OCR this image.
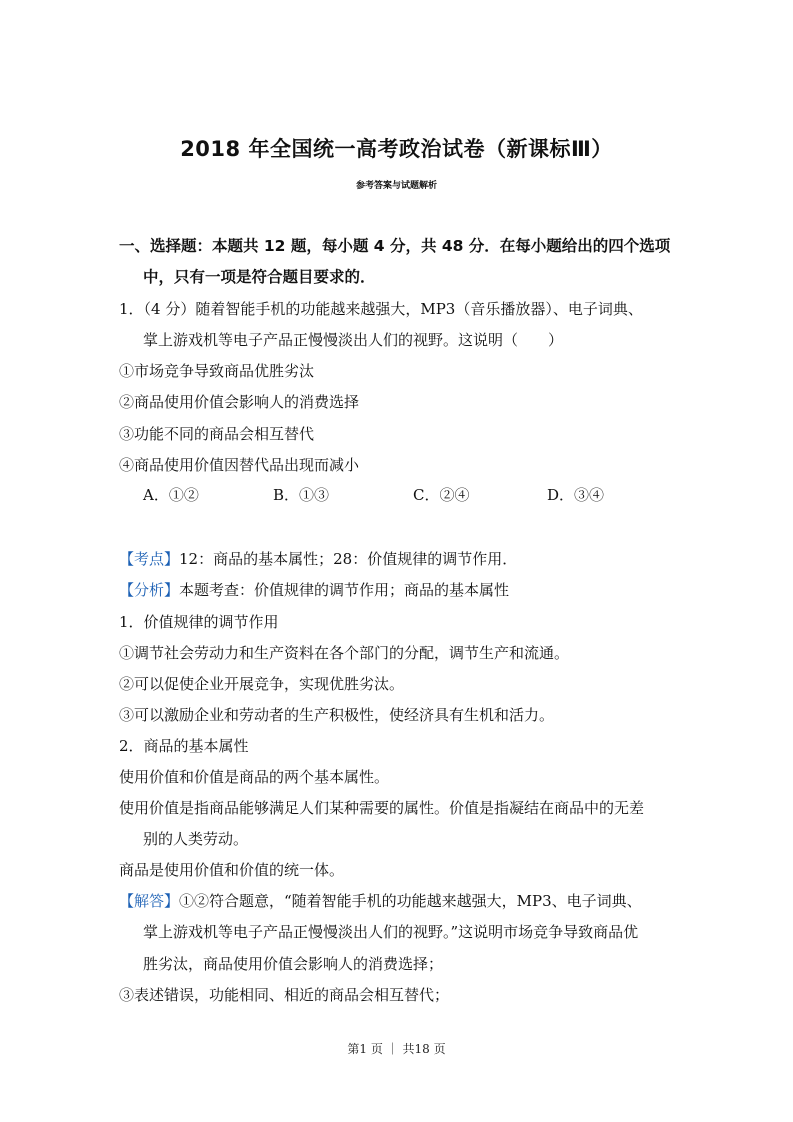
2018 年全国统一高考政治试卷（新课标Ⅲ）
参考答案与试题解析
一、选择题：本题共 12 题，每小题 4 分，共 48 分．在每小题给出的四个选项
中，只有一项是符合题目要求的．
1．（4 分）随着智能手机的功能越来越强大，MP3（音乐播放器）、电子词典、
掌上游戏机等电子产品正慢慢淡出人们的视野。这说明（　　）
①市场竞争导致商品优胜劣汰
②商品使用价值会影响人的消费选择
③功能不同的商品会相互替代
④商品使用价值因替代品出现而减小
A．①②	B．①③	C．②④	D．③④
【考点】12：商品的基本属性；28：价值规律的调节作用．
【分析】本题考查：价值规律的调节作用；商品的基本属性
1．价值规律的调节作用
①调节社会劳动力和生产资料在各个部门的分配，调节生产和流通。
②可以促使企业开展竞争，实现优胜劣汰。
③可以激励企业和劳动者的生产积极性，使经济具有生机和活力。
2．商品的基本属性
使用价值和价值是商品的两个基本属性。
使用价值是指商品能够满足人们某种需要的属性。价值是指凝结在商品中的无差
别的人类劳动。
商品是使用价值和价值的统一体。
【解答】①②符合题意，“随着智能手机的功能越来越强大，MP3、电子词典、
掌上游戏机等电子产品正慢慢淡出人们的视野。”这说明市场竞争导致商品优
胜劣汰，商品使用价值会影响人的消费选择；
③表述错误，功能相同、相近的商品会相互替代；
第1 页 ｜ 共18 页
